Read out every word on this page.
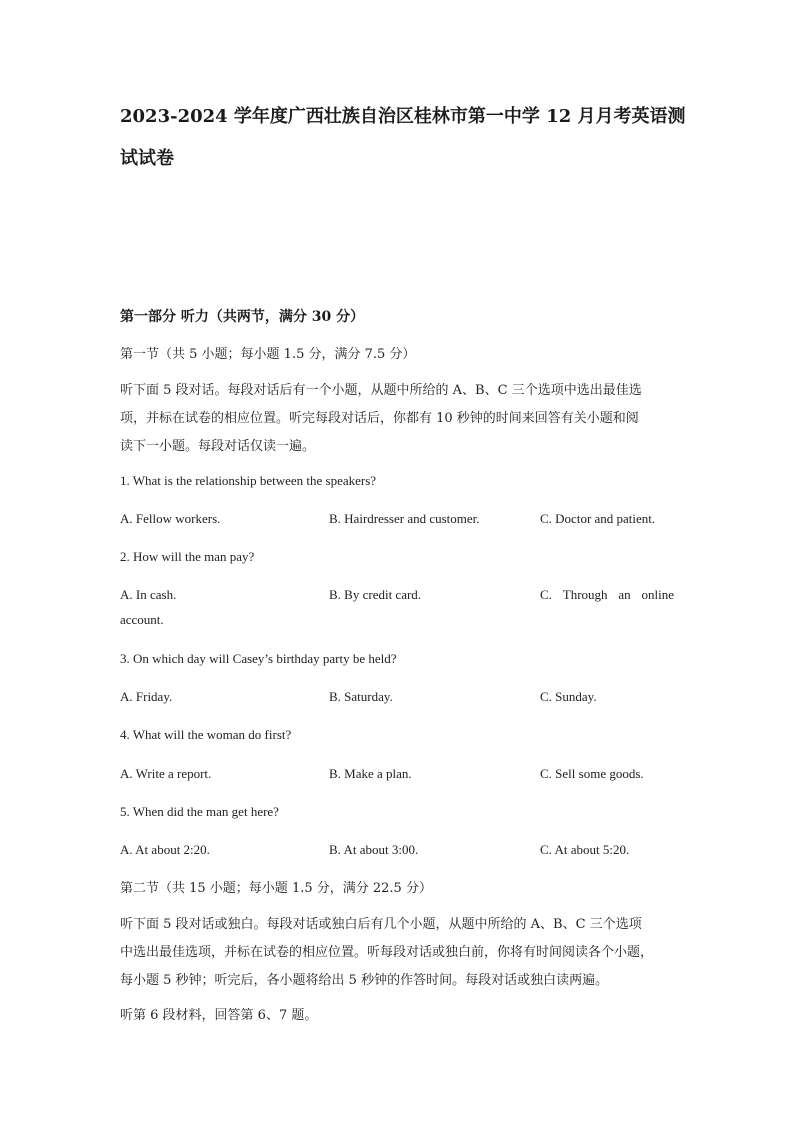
2023-2024 学年度广西壮族自治区桂林市第一中学 12 月月考英语测
试试卷
第一部分 听力（共两节，满分 30 分）

第一节（共 5 小题；每小题 1.5 分，满分 7.5 分）

听下面 5 段对话。每段对话后有一个小题，从题中所给的 A、B、C 三个选项中选出最佳选
项，并标在试卷的相应位置。听完每段对话后，你都有 10 秒钟的时间来回答有关小题和阅
读下一小题。每段对话仅读一遍。

1. What is the relationship between the speakers?
A. Fellow workers.	B. Hairdresser and customer.	C. Doctor and patient.
2. How will the man pay?
A. In cash.	B. By credit card.	C. Through an online
account.
3. On which day will Casey’s birthday party be held?
A. Friday.	B. Saturday.	C. Sunday.
4. What will the woman do first?
A. Write a report.	B. Make a plan.	C. Sell some goods.
5. When did the man get here?
A. At about 2:20.	B. At about 3:00.	C. At about 5:20.

第二节（共 15 小题；每小题 1.5 分，满分 22.5 分）

听下面 5 段对话或独白。每段对话或独白后有几个小题，从题中所给的 A、B、C 三个选项
中选出最佳选项，并标在试卷的相应位置。听每段对话或独白前，你将有时间阅读各个小题，
每小题 5 秒钟；听完后，各小题将给出 5 秒钟的作答时间。每段对话或独白读两遍。

听第 6 段材料，回答第 6、7 题。
